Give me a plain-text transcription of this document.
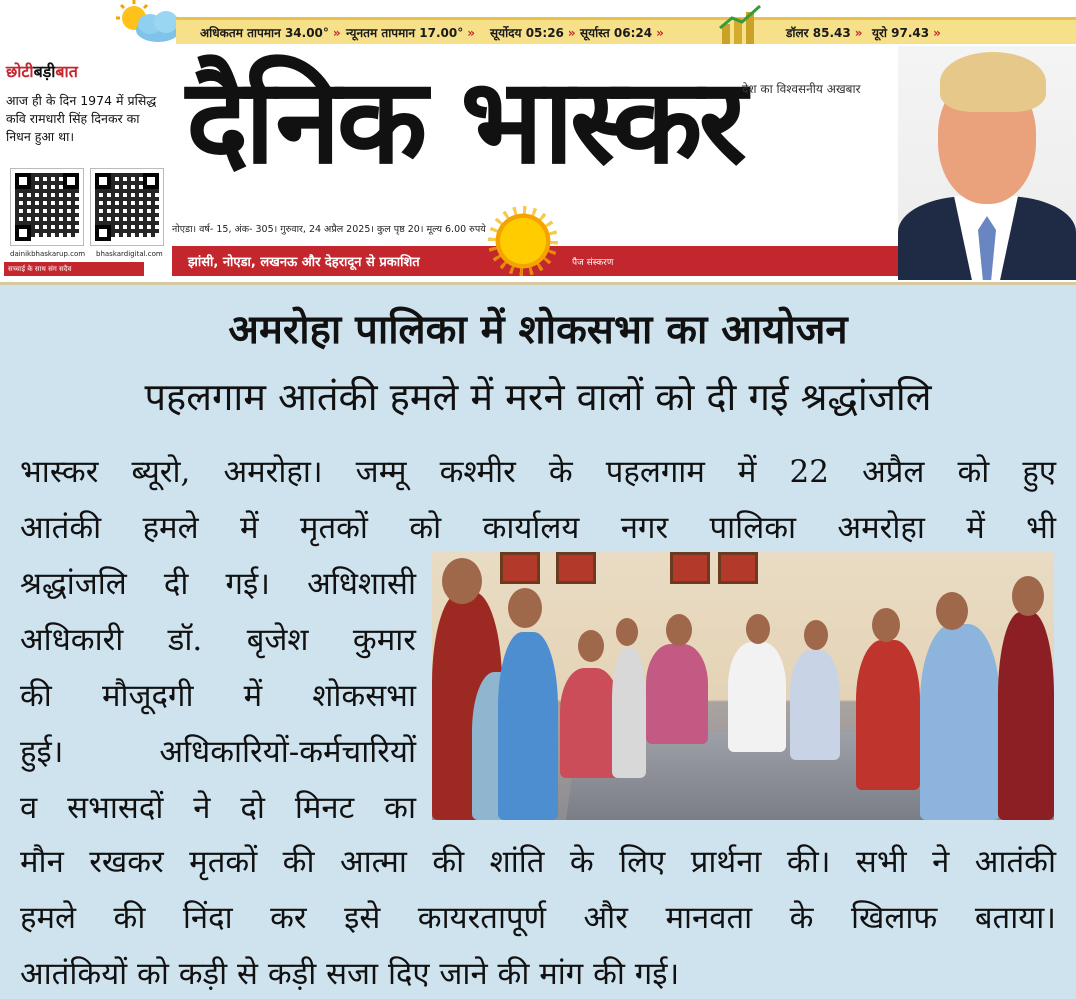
अधिकतम तापमान 34.00° » न्यूनतम तापमान 17.00° » सूर्योदय 05:26 » सूर्यास्त 06:24 »	डॉलर 85.43 » यूरो 97.43 »
छोटीबड़ीबात
आज ही के दिन 1974 में प्रसिद्ध कवि रामधारी सिंह दिनकर का निधन हुआ था।
dainikbhaskarup.com bhaskardigital.com
सच्चाई के साथ संग सदैव
दैनिक भास्कर देश का विश्वसनीय अखबार
नोएडा। वर्ष- 15, अंक- 305। गुरुवार, 24 अप्रैल 2025। कुल पृष्ठ 20। मूल्य 6.00 रुपये
झांसी, नोएडा, लखनऊ और देहरादून से प्रकाशित	पैज संस्करण
अमरोहा पालिका में शोकसभा का आयोजन
पहलगाम आतंकी हमले में मरने वालों को दी गई श्रद्धांजलि
भास्कर ब्यूरो, अमरोहा। जम्मू कश्मीर के पहलगाम में 22 अप्रैल को हुए
आतंकी हमले में मृतकों को कार्यालय नगर पालिका अमरोहा में भी
श्रद्धांजलि दी गई। अधिशासी
अधिकारी डॉ. बृजेश कुमार
की मौजूदगी में शोकसभा
हुई। अधिकारियों-कर्मचारियों
व सभासदों ने दो मिनट का
मौन रखकर मृतकों की आत्मा की शांति के लिए प्रार्थना की। सभी ने आतंकी
हमले की निंदा कर इसे कायरतापूर्ण और मानवता के खिलाफ बताया।
आतंकियों को कड़ी से कड़ी सजा दिए जाने की मांग की गई।
